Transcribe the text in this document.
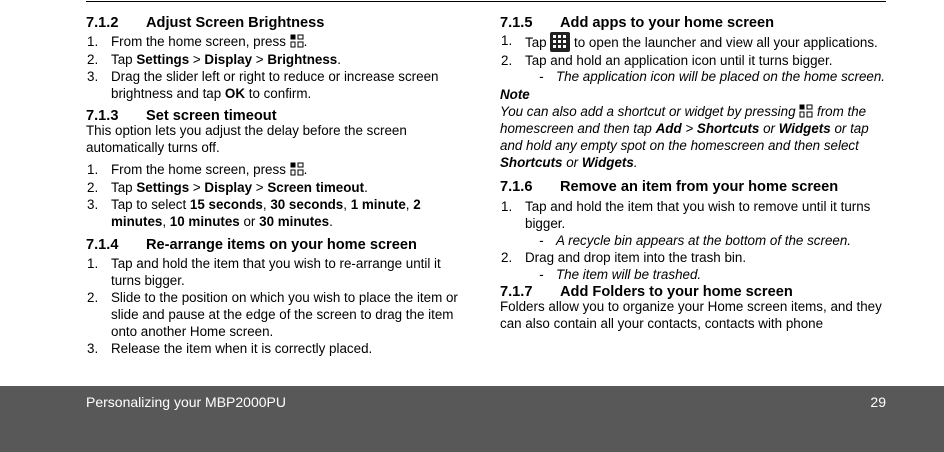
7.1.2 Adjust Screen Brightness
1. From the home screen, press .
2. Tap Settings > Display > Brightness.
3. Drag the slider left or right to reduce or increase screen brightness and tap OK to confirm.
7.1.3 Set screen timeout

This option lets you adjust the delay before the screen automatically turns off.

1. From the home screen, press .
2. Tap Settings > Display > Screen timeout.
3. Tap to select 15 seconds, 30 seconds, 1 minute, 2 minutes, 10 minutes or 30 minutes.
7.1.4 Re-arrange items on your home screen
1. Tap and hold the item that you wish to re-arrange until it turns bigger.
2. Slide to the position on which you wish to place the item or slide and pause at the edge of the screen to drag the item onto another Home screen.
3. Release the item when it is correctly placed.
7.1.5 Add apps to your home screen
1. Tap
to open the launcher and view all your applications.
2. Tap and hold an application icon until it turns bigger.
- The application icon will be placed on the home screen.

Note

You can also add a shortcut or widget by pressing  from the homescreen and then tap Add > Shortcuts or Widgets or tap and hold any empty spot on the homescreen and then select Shortcuts or Widgets.

7.1.6 Remove an item from your home screen
1. Tap and hold the item that you wish to remove until it turns bigger.
- A recycle bin appears at the bottom of the screen.
2. Drag and drop item into the trash bin.
- The item will be trashed.
7.1.7 Add Folders to your home screen

Folders allow you to organize your Home screen items, and they can also contain all your contacts, contacts with phone

Personalizing your MBP2000PU	29
